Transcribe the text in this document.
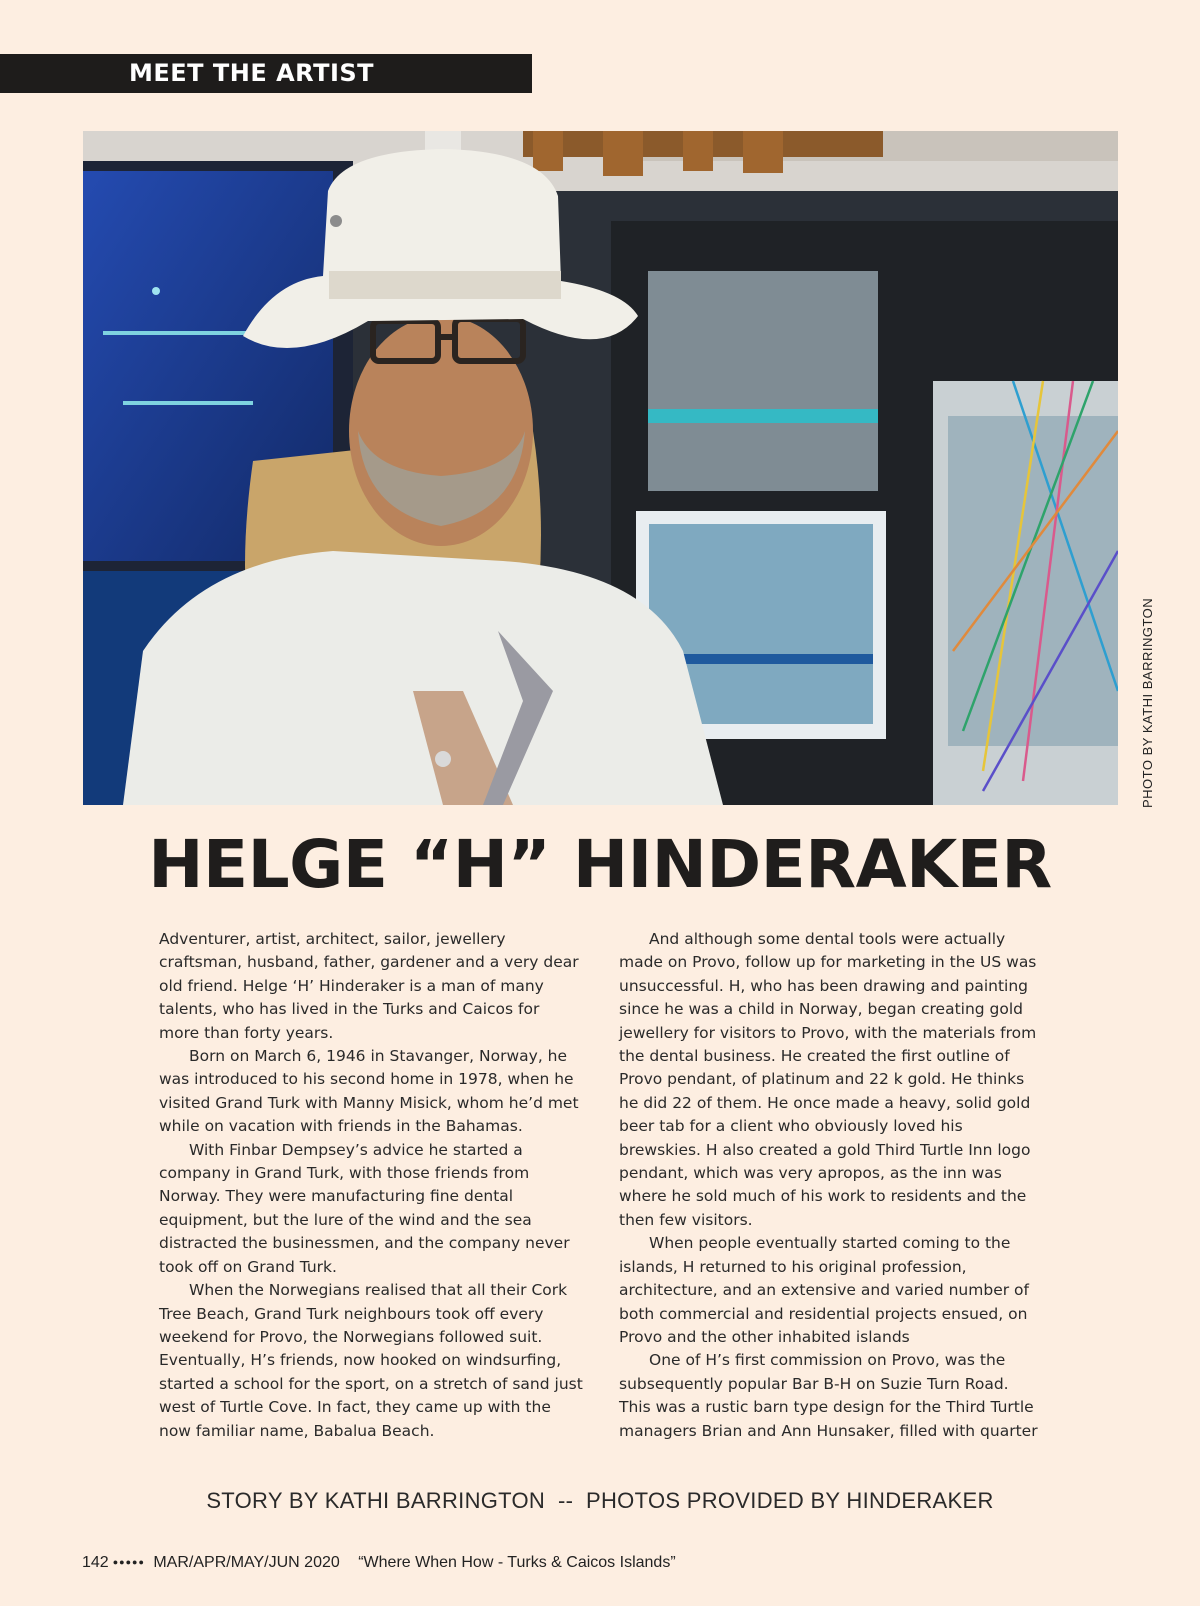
MEET THE ARTIST
PHOTO BY KATHI BARRINGTON
HELGE “H” HINDERAKER

Adventurer, artist, architect, sailor, jewellery craftsman, husband, father, gardener and a very dear old friend. Helge ‘H’ Hinderaker is a man of many talents, who has lived in the Turks and Caicos for more than forty years.

Born on March 6, 1946 in Stavanger, Norway, he was introduced to his second home in 1978, when he visited Grand Turk with Manny Misick, whom he’d met while on vacation with friends in the Bahamas.

With Finbar Dempsey’s advice he started a company in Grand Turk, with those friends from Norway. They were manufacturing fine dental equipment, but the lure of the wind and the sea distracted the businessmen, and the company never took off on Grand Turk.

When the Norwegians realised that all their Cork Tree Beach, Grand Turk neighbours took off every weekend for Provo, the Norwegians followed suit. Eventually, H’s friends, now hooked on windsurfing, started a school for the sport, on a stretch of sand just west of Turtle Cove. In fact, they came up with the now familiar name, Babalua Beach.

And although some dental tools were actually made on Provo, follow up for marketing in the US was unsuccessful. H, who has been drawing and painting since he was a child in Norway, began creating gold jewellery for visitors to Provo, with the materials from the dental business. He created the first outline of Provo pendant, of platinum and 22 k gold. He thinks he did 22 of them. He once made a heavy, solid gold beer tab for a client who obviously loved his brewskies. H also created a gold Third Turtle Inn logo pendant, which was very apropos, as the inn was where he sold much of his work to residents and the then few visitors.

When people eventually started coming to the islands, H returned to his original profession, architecture, and an extensive and varied number of both commercial and residential projects ensued, on Provo and the other inhabited islands

One of H’s first commission on Provo, was the subsequently popular Bar B-H on Suzie Turn Road. This was a rustic barn type design for the Third Turtle managers Brian and Ann Hunsaker, filled with quarter

STORY BY KATHI BARRINGTON  --  PHOTOS PROVIDED BY HINDERAKER
142 ●●●●● MAR/APR/MAY/JUN 2020 “Where When How - Turks & Caicos Islands”
